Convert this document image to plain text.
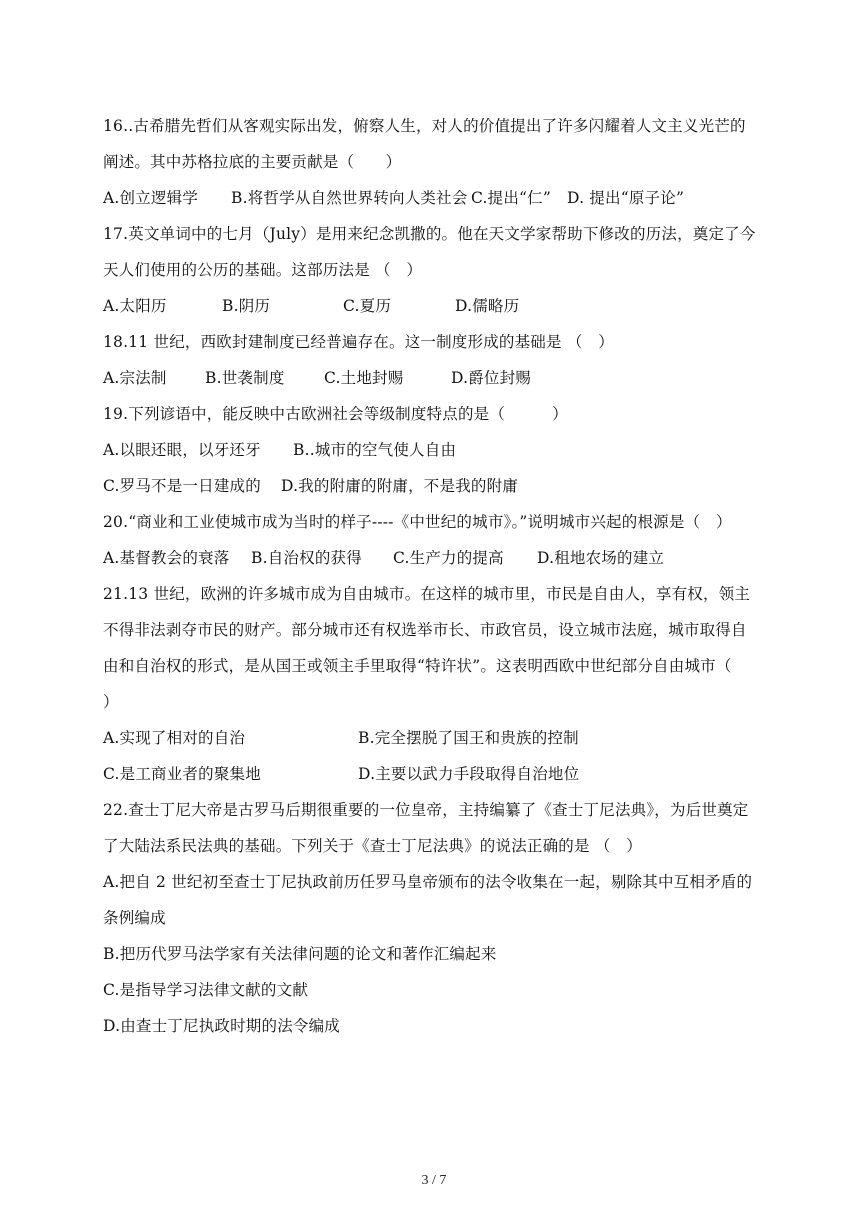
16..古希腊先哲们从客观实际出发，俯察人生，对人的价值提出了许多闪耀着人文主义光芒的
阐述。其中苏格拉底的主要贡献是（　　）
A.创立逻辑学	B.将哲学从自然世界转向人类社会 C.提出“仁”	D. 提出“原子论”
17.英文单词中的七月（July）是用来纪念凯撒的。他在天文学家帮助下修改的历法，奠定了今
天人们使用的公历的基础。这部历法是 （　）
A.太阳历	B.阴历	C.夏历	D.儒略历
18.11 世纪，西欧封建制度已经普遍存在。这一制度形成的基础是 （　）
A.宗法制	B.世袭制度	C.土地封赐	D.爵位封赐
19.下列谚语中，能反映中古欧洲社会等级制度特点的是（　　　）
A.以眼还眼，以牙还牙	B..城市的空气使人自由
C.罗马不是一日建成的	D.我的附庸的附庸，不是我的附庸
20.“商业和工业使城市成为当时的样子----《中世纪的城市》。”说明城市兴起的根源是（　）
A.基督教会的衰落	B.自治权的获得	C.生产力的提高	D.租地农场的建立
21.13 世纪，欧洲的许多城市成为自由城市。在这样的城市里，市民是自由人，享有权，领主
不得非法剥夺市民的财产。部分城市还有权选举市长、市政官员，设立城市法庭，城市取得自
由和自治权的形式，是从国王或领主手里取得“特许状”。这表明西欧中世纪部分自由城市（
）
A.实现了相对的自治	B.完全摆脱了国王和贵族的控制
C.是工商业者的聚集地	D.主要以武力手段取得自治地位
22.查士丁尼大帝是古罗马后期很重要的一位皇帝，主持编纂了《查士丁尼法典》，为后世奠定
了大陆法系民法典的基础。下列关于《查士丁尼法典》的说法正确的是 （　）
A.把自 2 世纪初至查士丁尼执政前历任罗马皇帝颁布的法令收集在一起，剔除其中互相矛盾的
条例编成
B.把历代罗马法学家有关法律问题的论文和著作汇编起来
C.是指导学习法律文献的文献
D.由查士丁尼执政时期的法令编成
3 / 7
